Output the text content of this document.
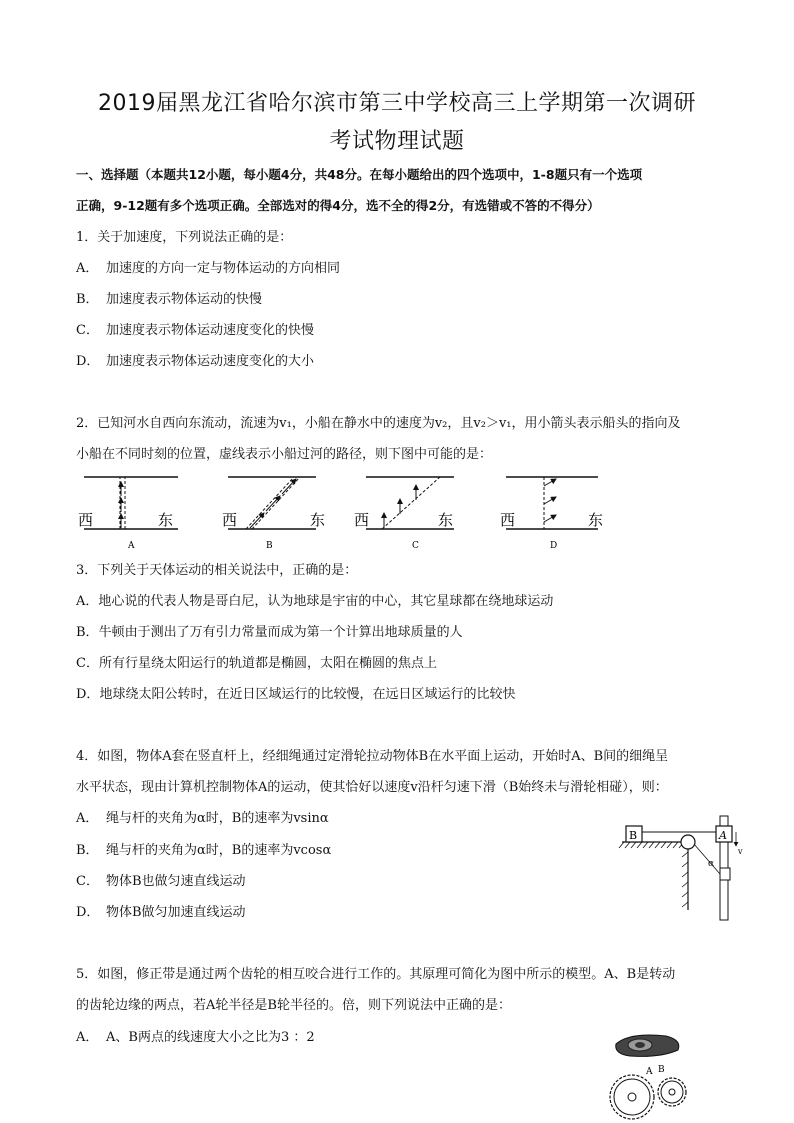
2019届黑龙江省哈尔滨市第三中学校高三上学期第一次调研
考试物理试题
一、选择题（本题共12小题，每小题4分，共48分。在每小题给出的四个选项中，1-8题只有一个选项
正确，9-12题有多个选项正确。全部选对的得4分，选不全的得2分，有选错或不答的不得分）
1．关于加速度，下列说法正确的是：
A． 加速度的方向一定与物体运动的方向相同
B． 加速度表示物体运动的快慢
C． 加速度表示物体运动速度变化的快慢
D． 加速度表示物体运动速度变化的大小
2．已知河水自西向东流动，流速为v₁，小船在静水中的速度为v₂，且v₂＞v₁，用小箭头表示船头的指向及
小船在不同时刻的位置，虚线表示小船过河的路径，则下图中可能的是：
西	东
A
西	东
B
西	东
C
西	东
D
3．下列关于天体运动的相关说法中，正确的是：
A．地心说的代表人物是哥白尼，认为地球是宇宙的中心，其它星球都在绕地球运动
B．牛顿由于测出了万有引力常量而成为第一个计算出地球质量的人
C．所有行星绕太阳运行的轨道都是椭圆，太阳在椭圆的焦点上
D．地球绕太阳公转时，在近日区域运行的比较慢，在远日区域运行的比较快
4．如图，物体A套在竖直杆上，经细绳通过定滑轮拉动物体B在水平面上运动，开始时A、B间的细绳呈
水平状态，现由计算机控制物体A的运动，使其恰好以速度v沿杆匀速下滑（B始终未与滑轮相碰），则：
A． 绳与杆的夹角为α时，B的速率为vsinα
B． 绳与杆的夹角为α时，B的速率为vcosα
C． 物体B也做匀速直线运动
D． 物体B做匀加速直线运动
B	A
α
v
5．如图，修正带是通过两个齿轮的相互咬合进行工作的。其原理可简化为图中所示的模型。A、B是转动
的齿轮边缘的两点，若A轮半径是B轮半径的。倍，则下列说法中正确的是：
A． A、B两点的线速度大小之比为3 ：2
A B
